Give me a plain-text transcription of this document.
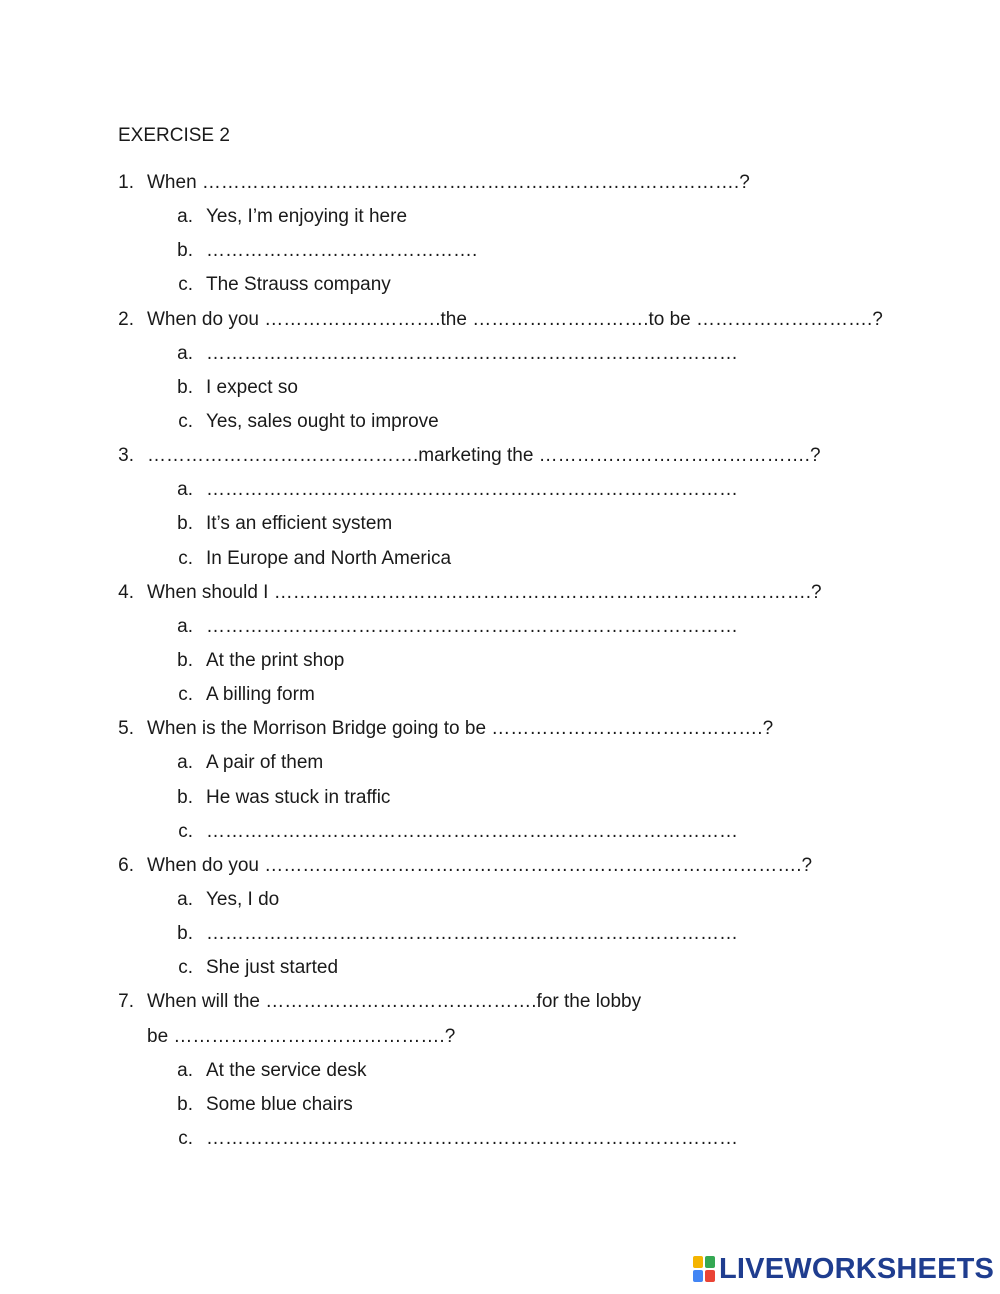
EXERCISE 2
1. When ………………………………………………………………………….?
a. Yes, I’m enjoying it here
b. …………………………………….
c. The Strauss company
2. When do you ……………………….the ……………………….to be ……………………….?
a. …………………………………………………………………………
b. I expect so
c. Yes, sales ought to improve
3. …………………………………….marketing the …………………………………….?
a. …………………………………………………………………………
b. It’s an efficient system
c. In Europe and North America
4. When should I ………………………………………………………………………….?
a. …………………………………………………………………………
b. At the print shop
c. A billing form
5. When is the Morrison Bridge going to be …………………………………….?
a. A pair of them
b. He was stuck in traffic
c. …………………………………………………………………………
6. When do you ………………………………………………………………………….?
a. Yes, I do
b. …………………………………………………………………………
c. She just started
7. When will the …………………………………….for the lobby
be …………………………………….?
a. At the service desk
b. Some blue chairs
c. …………………………………………………………………………
LIVEWORKSHEETS
